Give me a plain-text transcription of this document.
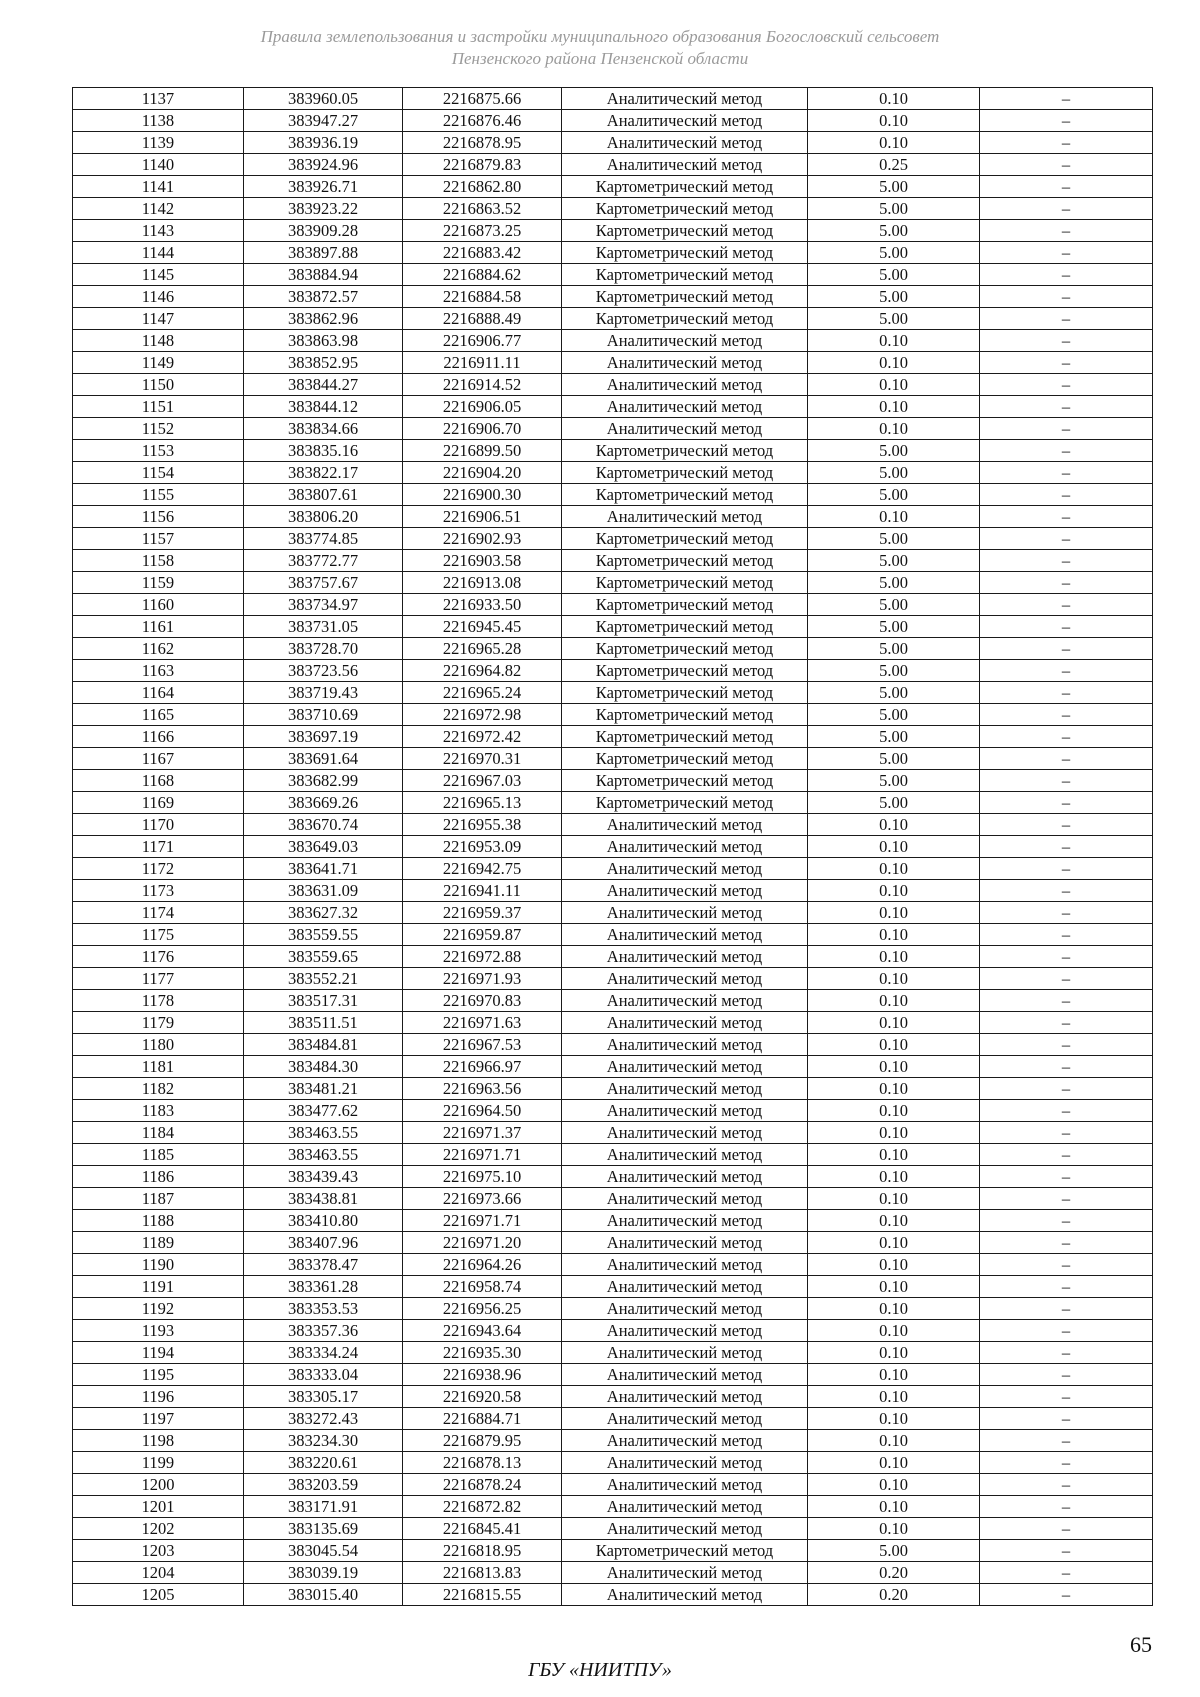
Правила землепользования и застройки муниципального образования Богословский сельсовет
Пензенского района Пензенской области
1137	383960.05	2216875.66	Аналитический метод	0.10	–
1138	383947.27	2216876.46	Аналитический метод	0.10	–
1139	383936.19	2216878.95	Аналитический метод	0.10	–
1140	383924.96	2216879.83	Аналитический метод	0.25	–
1141	383926.71	2216862.80	Картометрический метод	5.00	–
1142	383923.22	2216863.52	Картометрический метод	5.00	–
1143	383909.28	2216873.25	Картометрический метод	5.00	–
1144	383897.88	2216883.42	Картометрический метод	5.00	–
1145	383884.94	2216884.62	Картометрический метод	5.00	–
1146	383872.57	2216884.58	Картометрический метод	5.00	–
1147	383862.96	2216888.49	Картометрический метод	5.00	–
1148	383863.98	2216906.77	Аналитический метод	0.10	–
1149	383852.95	2216911.11	Аналитический метод	0.10	–
1150	383844.27	2216914.52	Аналитический метод	0.10	–
1151	383844.12	2216906.05	Аналитический метод	0.10	–
1152	383834.66	2216906.70	Аналитический метод	0.10	–
1153	383835.16	2216899.50	Картометрический метод	5.00	–
1154	383822.17	2216904.20	Картометрический метод	5.00	–
1155	383807.61	2216900.30	Картометрический метод	5.00	–
1156	383806.20	2216906.51	Аналитический метод	0.10	–
1157	383774.85	2216902.93	Картометрический метод	5.00	–
1158	383772.77	2216903.58	Картометрический метод	5.00	–
1159	383757.67	2216913.08	Картометрический метод	5.00	–
1160	383734.97	2216933.50	Картометрический метод	5.00	–
1161	383731.05	2216945.45	Картометрический метод	5.00	–
1162	383728.70	2216965.28	Картометрический метод	5.00	–
1163	383723.56	2216964.82	Картометрический метод	5.00	–
1164	383719.43	2216965.24	Картометрический метод	5.00	–
1165	383710.69	2216972.98	Картометрический метод	5.00	–
1166	383697.19	2216972.42	Картометрический метод	5.00	–
1167	383691.64	2216970.31	Картометрический метод	5.00	–
1168	383682.99	2216967.03	Картометрический метод	5.00	–
1169	383669.26	2216965.13	Картометрический метод	5.00	–
1170	383670.74	2216955.38	Аналитический метод	0.10	–
1171	383649.03	2216953.09	Аналитический метод	0.10	–
1172	383641.71	2216942.75	Аналитический метод	0.10	–
1173	383631.09	2216941.11	Аналитический метод	0.10	–
1174	383627.32	2216959.37	Аналитический метод	0.10	–
1175	383559.55	2216959.87	Аналитический метод	0.10	–
1176	383559.65	2216972.88	Аналитический метод	0.10	–
1177	383552.21	2216971.93	Аналитический метод	0.10	–
1178	383517.31	2216970.83	Аналитический метод	0.10	–
1179	383511.51	2216971.63	Аналитический метод	0.10	–
1180	383484.81	2216967.53	Аналитический метод	0.10	–
1181	383484.30	2216966.97	Аналитический метод	0.10	–
1182	383481.21	2216963.56	Аналитический метод	0.10	–
1183	383477.62	2216964.50	Аналитический метод	0.10	–
1184	383463.55	2216971.37	Аналитический метод	0.10	–
1185	383463.55	2216971.71	Аналитический метод	0.10	–
1186	383439.43	2216975.10	Аналитический метод	0.10	–
1187	383438.81	2216973.66	Аналитический метод	0.10	–
1188	383410.80	2216971.71	Аналитический метод	0.10	–
1189	383407.96	2216971.20	Аналитический метод	0.10	–
1190	383378.47	2216964.26	Аналитический метод	0.10	–
1191	383361.28	2216958.74	Аналитический метод	0.10	–
1192	383353.53	2216956.25	Аналитический метод	0.10	–
1193	383357.36	2216943.64	Аналитический метод	0.10	–
1194	383334.24	2216935.30	Аналитический метод	0.10	–
1195	383333.04	2216938.96	Аналитический метод	0.10	–
1196	383305.17	2216920.58	Аналитический метод	0.10	–
1197	383272.43	2216884.71	Аналитический метод	0.10	–
1198	383234.30	2216879.95	Аналитический метод	0.10	–
1199	383220.61	2216878.13	Аналитический метод	0.10	–
1200	383203.59	2216878.24	Аналитический метод	0.10	–
1201	383171.91	2216872.82	Аналитический метод	0.10	–
1202	383135.69	2216845.41	Аналитический метод	0.10	–
1203	383045.54	2216818.95	Картометрический метод	5.00	–
1204	383039.19	2216813.83	Аналитический метод	0.20	–
1205	383015.40	2216815.55	Аналитический метод	0.20	–
65
ГБУ «НИИТПУ»
